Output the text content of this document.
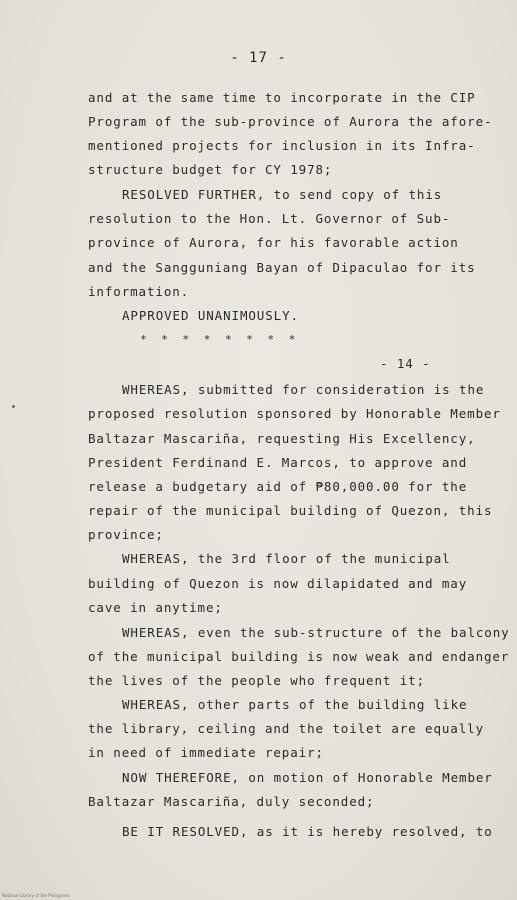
- 17 -
and at the same time to incorporate in the CIP
Program of the sub-province of Aurora the afore-
mentioned projects for inclusion in its Infra-
structure budget for CY 1978;
RESOLVED FURTHER, to send copy of this
resolution to the Hon. Lt. Governor of Sub-
province of Aurora, for his favorable action
and the Sangguniang Bayan of Dipaculao for its
information.
APPROVED UNANIMOUSLY.
* * * * * * * *
- 14 -
WHEREAS, submitted for consideration is the
proposed resolution sponsored by Honorable Member
Baltazar Mascariña, requesting His Excellency,
President Ferdinand E. Marcos, to approve and
release a budgetary aid of ₱80,000.00 for the
repair of the municipal building of Quezon, this
province;
WHEREAS, the 3rd floor of the municipal
building of Quezon is now dilapidated and may
cave in anytime;
WHEREAS, even the sub-structure of the balcony
of the municipal building is now weak and endanger
the lives of the people who frequent it;
WHEREAS, other parts of the building like
the library, ceiling and the toilet are equally
in need of immediate repair;
NOW THEREFORE, on motion of Honorable Member
Baltazar Mascariña, duly seconded;
BE IT RESOLVED, as it is hereby resolved, to
National Library of the Philippines
